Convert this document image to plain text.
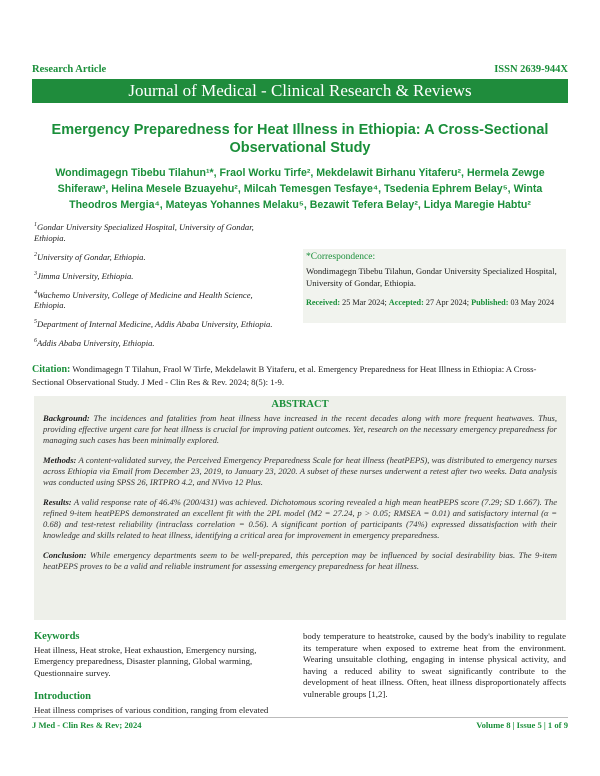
Research Article	ISSN 2639-944X
Journal of Medical - Clinical Research & Reviews
Emergency Preparedness for Heat Illness in Ethiopia: A Cross-Sectional Observational Study
Wondimagegn Tibebu Tilahun¹*, Fraol Worku Tirfe², Mekdelawit Birhanu Yitaferu², Hermela Zewge Shiferaw³, Helina Mesele Bzuayehu², Milcah Temesgen Tesfaye⁴, Tsedenia Ephrem Belay⁵, Winta Theodros Mergia⁴, Mateyas Yohannes Melaku⁵, Bezawit Tefera Belay², Lidya Maregie Habtu²
$^1$Gondar University Specialized Hospital, University of Gondar, Ethiopia.
$^2$University of Gondar, Ethiopia.
$^3$Jimma University, Ethiopia.
$^4$Wachemo University, College of Medicine and Health Science, Ethiopia.
$^5$Department of Internal Medicine, Addis Ababa University, Ethiopia.
$^6$Addis Ababa University, Ethiopia.
*Correspondence:
Wondimagegn Tibebu Tilahun, Gondar University Specialized Hospital, University of Gondar, Ethiopia.
Received: 25 Mar 2024; Accepted: 27 Apr 2024; Published: 03 May 2024
Citation: Wondimagegn T Tilahun, Fraol W Tirfe, Mekdelawit B Yitaferu, et al. Emergency Preparedness for Heat Illness in Ethiopia: A Cross-Sectional Observational Study. J Med - Clin Res & Rev. 2024; 8(5): 1-9.
ABSTRACT

Background: The incidences and fatalities from heat illness have increased in the recent decades along with more frequent heatwaves. Thus, providing effective urgent care for heat illness is crucial for improving patient outcomes. Yet, research on the necessary emergency preparedness for managing such cases has been minimally explored.

Methods: A content-validated survey, the Perceived Emergency Preparedness Scale for heat illness (heatPEPS), was distributed to emergency nurses across Ethiopia via Email from December 23, 2019, to January 23, 2020. A subset of these nurses underwent a retest after two weeks. Data analysis was conducted using SPSS 26, IRTPRO 4.2, and NVivo 12 Plus.

Results: A valid response rate of 46.4% (200/431) was achieved. Dichotomous scoring revealed a high mean heatPEPS score (7.29; SD 1.667). The refined 9-item heatPEPS demonstrated an excellent fit with the 2PL model (M2 = 27.24, p > 0.05; RMSEA = 0.01) and satisfactory internal (α = 0.68) and test-retest reliability (intraclass correlation = 0.56). A significant portion of participants (74%) expressed dissatisfaction with their knowledge and skills related to heat illness, identifying a critical area for improvement in emergency preparedness.

Conclusion: While emergency departments seem to be well-prepared, this perception may be influenced by social desirability bias. The 9-item heatPEPS proves to be a valid and reliable instrument for assessing emergency preparedness for heat illness.

Keywords
Heat illness, Heat stroke, Heat exhaustion, Emergency nursing, Emergency preparedness, Disaster planning, Global warming, Questionnaire survey.
Introduction
Heat illness comprises of various condition, ranging from elevated
body temperature to heatstroke, caused by the body's inability to regulate its temperature when exposed to extreme heat from the environment. Wearing unsuitable clothing, engaging in intense physical activity, and having a reduced ability to sweat significantly contribute to the development of heat illness. Often, heat illness disproportionately affects vulnerable groups [1,2].
J Med - Clin Res & Rev; 2024	Volume 8 | Issue 5 | 1 of 9
